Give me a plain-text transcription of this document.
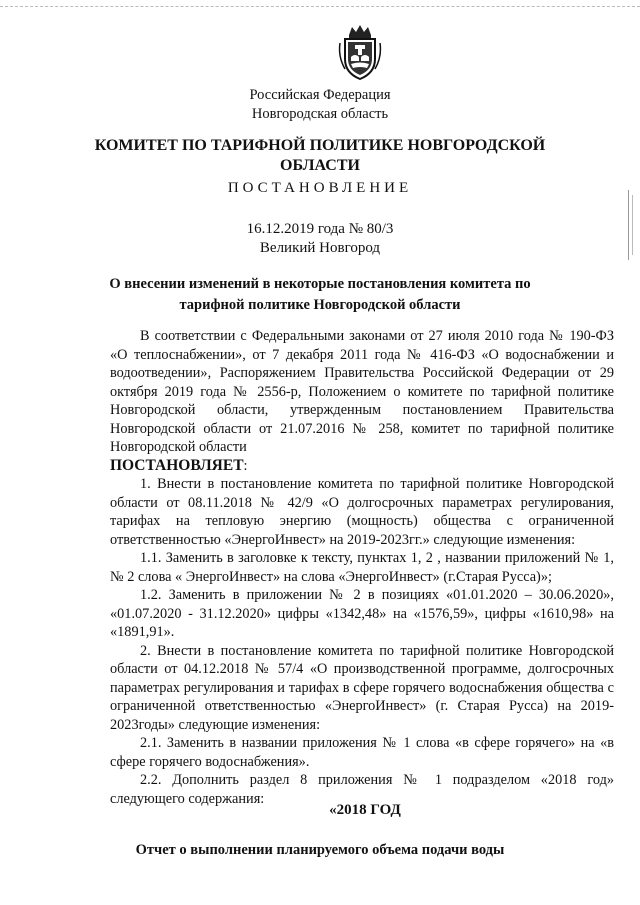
Российская Федерация
Новгородская область
КОМИТЕТ ПО ТАРИФНОЙ ПОЛИТИКЕ НОВГОРОДСКОЙ
ОБЛАСТИ
ПОСТАНОВЛЕНИЕ
16.12.2019 года № 80/3
Великий Новгород
О внесении изменений в некоторые постановления комитета по
тарифной политике Новгородской области

В соответствии с Федеральными законами от 27 июля 2010 года № 190-ФЗ «О теплоснабжении», от 7 декабря 2011 года № 416-ФЗ «О водоснабжении и водоотведении», Распоряжением Правительства Российской Федерации от 29 октября 2019 года № 2556-р, Положением о комитете по тарифной политике Новгородской области, утвержденным постановлением Правительства Новгородской области от 21.07.2016 № 258, комитет по тарифной политике Новгородской области

ПОСТАНОВЛЯЕТ:

1. Внести в постановление комитета по тарифной политике Новгородской области от 08.11.2018 № 42/9 «О долгосрочных параметрах регулирования, тарифах на тепловую энергию (мощность) общества с ограниченной ответственностью «ЭнергоИнвест» на 2019-2023гг.» следующие изменения:

1.1. Заменить в заголовке к тексту, пунктах 1, 2 , названии приложений № 1, № 2 слова « ЭнергоИнвест» на слова «ЭнергоИнвест» (г.Старая Русса)»;

1.2. Заменить в приложении № 2 в позициях «01.01.2020 – 30.06.2020», «01.07.2020 - 31.12.2020» цифры «1342,48» на «1576,59», цифры «1610,98» на «1891,91».

2. Внести в постановление комитета по тарифной политике Новгородской области от 04.12.2018 № 57/4 «О производственной программе, долгосрочных параметрах регулирования и тарифах в сфере горячего водоснабжения общества с ограниченной ответственностью «ЭнергоИнвест» (г. Старая Русса) на 2019-2023годы» следующие изменения:

2.1. Заменить в названии приложения № 1 слова «в сфере горячего» на «в сфере горячего водоснабжения».

2.2. Дополнить раздел 8 приложения № 1 подразделом «2018 год» следующего содержания:

«2018 ГОД
Отчет о выполнении планируемого объема подачи воды
